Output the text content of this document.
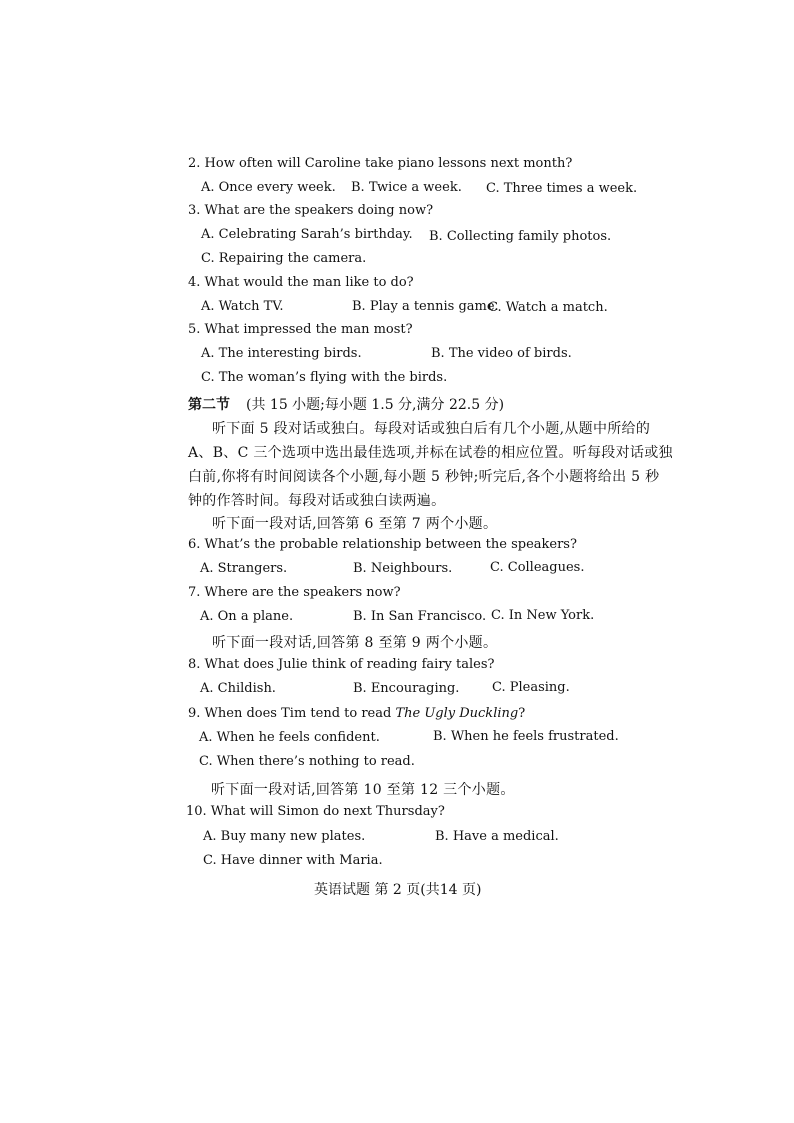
2. How often will Caroline take piano lessons next month?
A. Once every week. B. Twice a week. C. Three times a week.
3. What are the speakers doing now?
A. Celebrating Sarah’s birthday. B. Collecting family photos.
C. Repairing the camera.
4. What would the man like to do?
A. Watch TV.	B. Play a tennis game.
C. Watch a match.
5. What impressed the man most?
A. The interesting birds.	B. The video of birds.
C. The woman’s flying with the birds.
第二节 (共 15 小题;每小题 1.5 分,满分 22.5 分)
听下面 5 段对话或独白。每段对话或独白后有几个小题,从题中所给的
A、B、C 三个选项中选出最佳选项,并标在试卷的相应位置。听每段对话或独
白前,你将有时间阅读各个小题,每小题 5 秒钟;听完后,各个小题将给出 5 秒
钟的作答时间。每段对话或独白读两遍。
听下面一段对话,回答第 6 至第 7 两个小题。
6. What’s the probable relationship between the speakers?
A. Strangers.	B. Neighbours.	C. Colleagues.
7. Where are the speakers now?
A. On a plane.	B. In San Francisco. C. In New York.
听下面一段对话,回答第 8 至第 9 两个小题。
8. What does Julie think of reading fairy tales?
A. Childish.	B. Encouraging.	C. Pleasing.
9. When does Tim tend to read The Ugly Duckling?
A. When he feels confident.	B. When he feels frustrated.
C. When there’s nothing to read.
听下面一段对话,回答第 10 至第 12 三个小题。
10. What will Simon do next Thursday?
A. Buy many new plates.	B. Have a medical.
C. Have dinner with Maria.
英语试题 第 2 页(共14 页)
